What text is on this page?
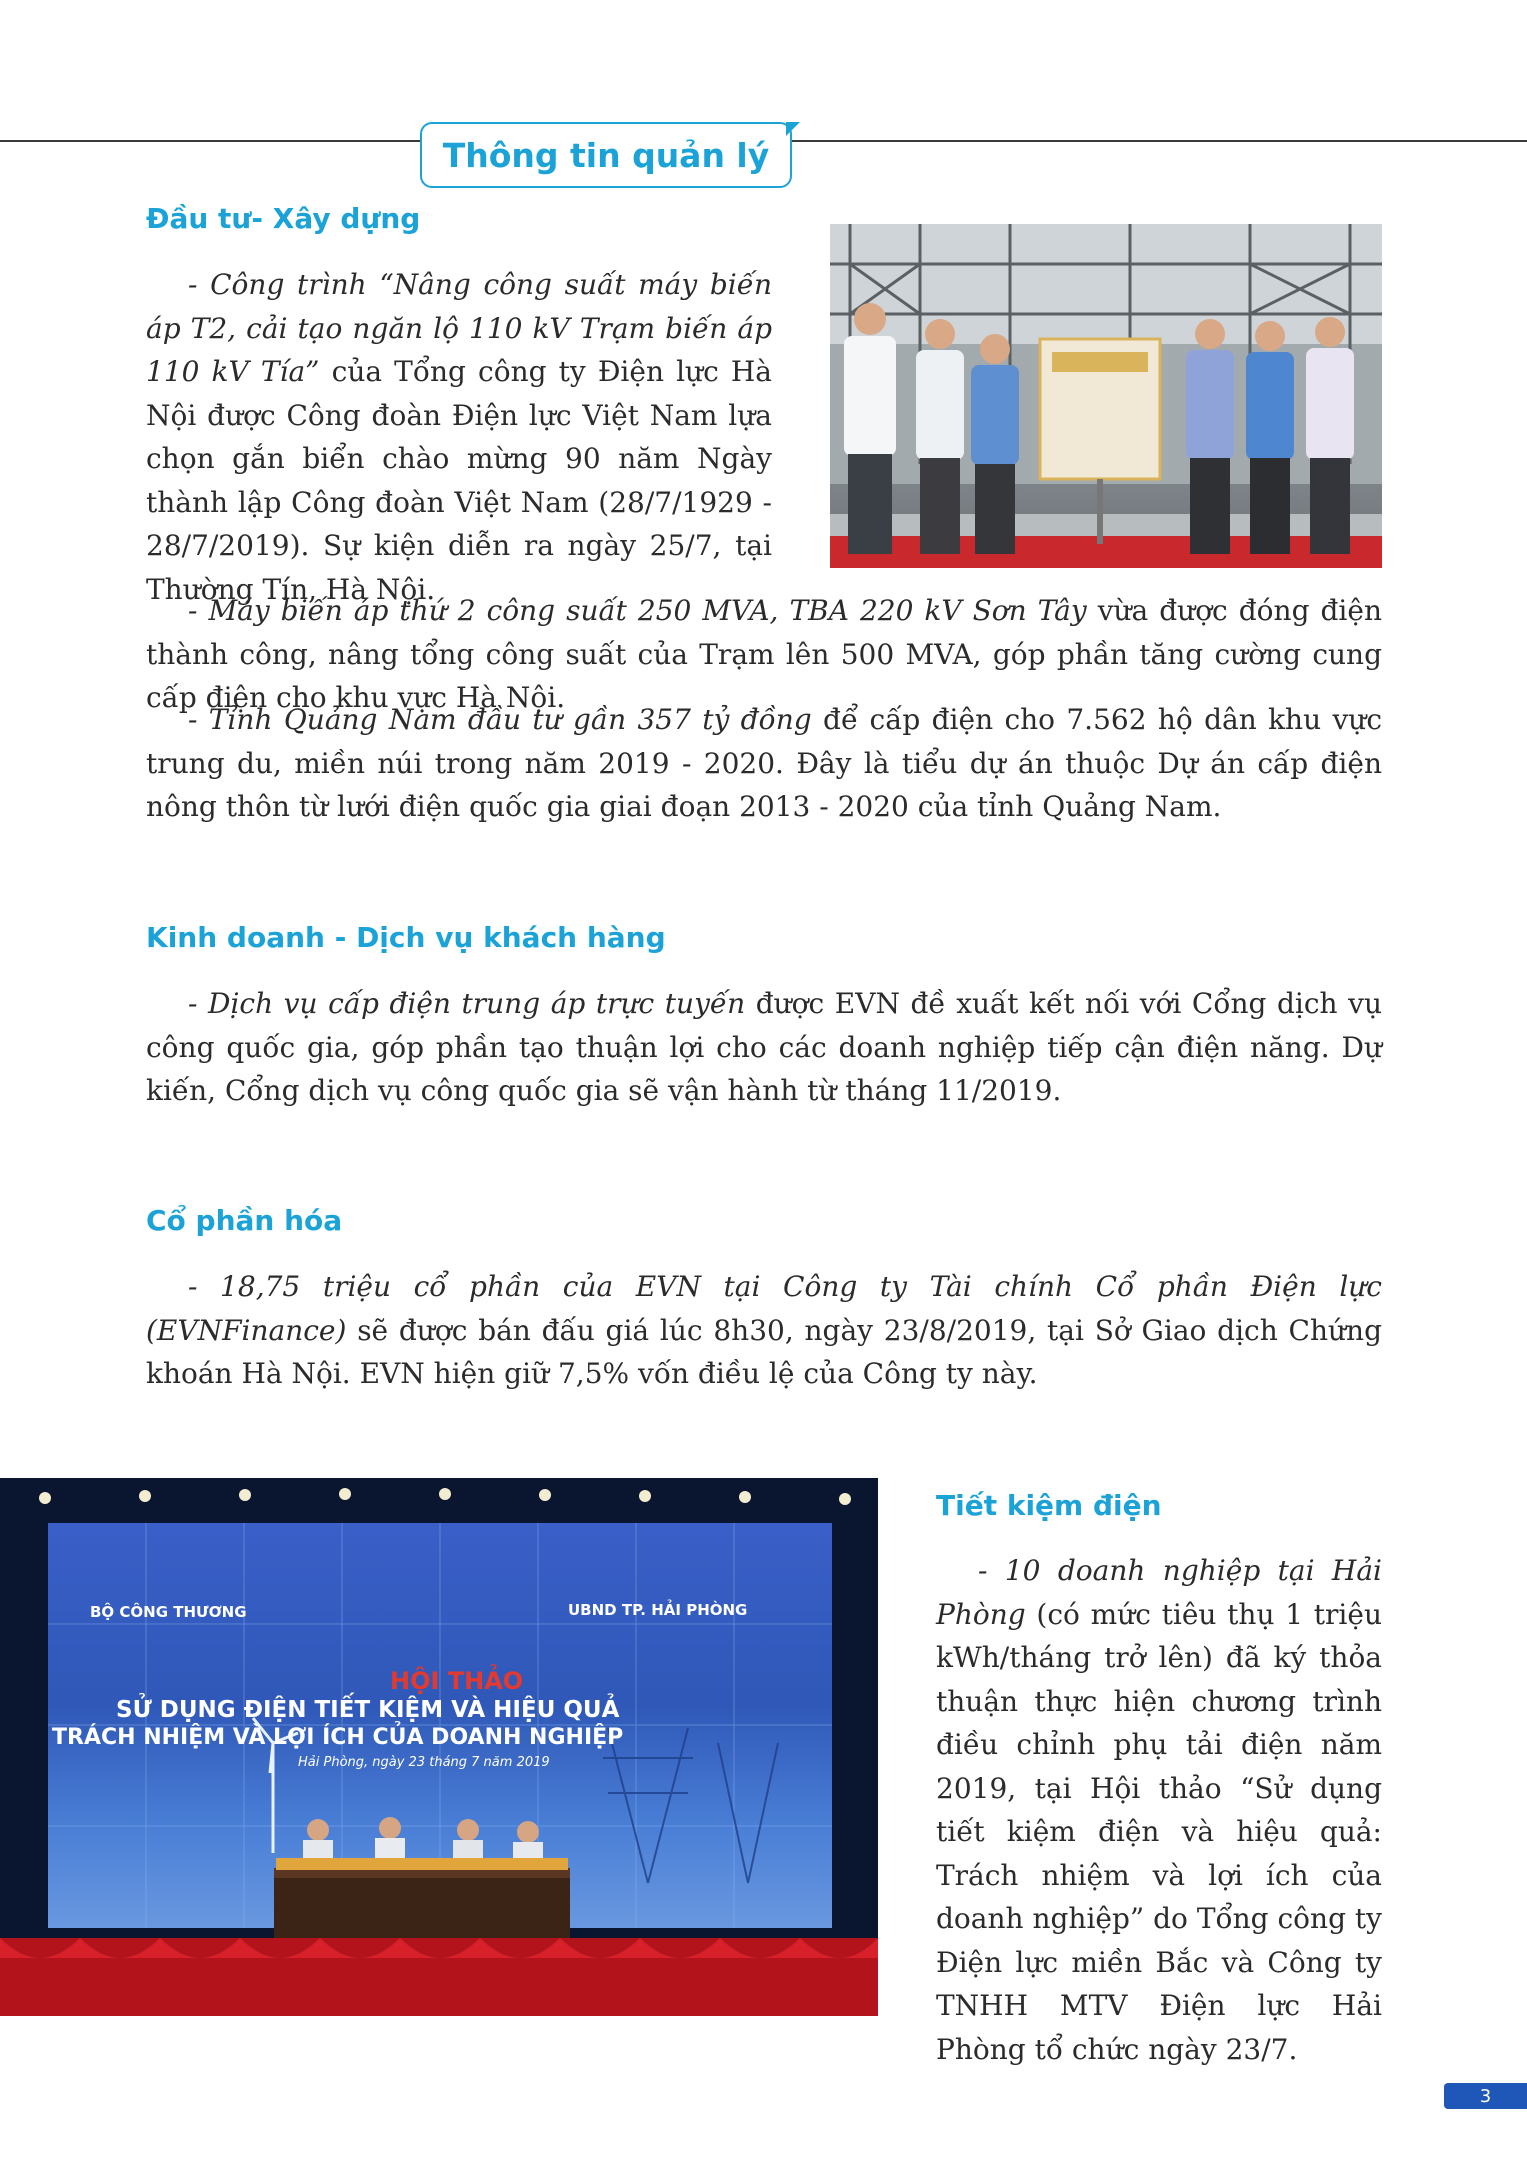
Thông tin quản lý
Đầu tư- Xây dựng

- Công trình “Nâng công suất máy biến áp T2, cải tạo ngăn lộ 110 kV Trạm biến áp 110 kV Tía” của Tổng công ty Điện lực Hà Nội được Công đoàn Điện lực Việt Nam lựa chọn gắn biển chào mừng 90 năm Ngày thành lập Công đoàn Việt Nam (28/7/1929 - 28/7/2019). Sự kiện diễn ra ngày 25/7, tại Thường Tín, Hà Nội.

- Máy biến áp thứ 2 công suất 250 MVA, TBA 220 kV Sơn Tây vừa được đóng điện thành công, nâng tổng công suất của Trạm lên 500 MVA, góp phần tăng cường cung cấp điện cho khu vực Hà Nội.

- Tỉnh Quảng Nam đầu tư gần 357 tỷ đồng để cấp điện cho 7.562 hộ dân khu vực trung du, miền núi trong năm 2019 - 2020. Đây là tiểu dự án thuộc Dự án cấp điện nông thôn từ lưới điện quốc gia giai đoạn 2013 - 2020 của tỉnh Quảng Nam.

Kinh doanh - Dịch vụ khách hàng

- Dịch vụ cấp điện trung áp trực tuyến được EVN đề xuất kết nối với Cổng dịch vụ công quốc gia, góp phần tạo thuận lợi cho các doanh nghiệp tiếp cận điện năng. Dự kiến, Cổng dịch vụ công quốc gia sẽ vận hành từ tháng 11/2019.

Cổ phần hóa

- 18,75 triệu cổ phần của EVN tại Công ty Tài chính Cổ phần Điện lực (EVNFinance) sẽ được bán đấu giá lúc 8h30, ngày 23/8/2019, tại Sở Giao dịch Chứng khoán Hà Nội. EVN hiện giữ 7,5% vốn điều lệ của Công ty này.

BỘ CÔNG THƯƠNG	UBND TP. HẢI PHÒNG
HỘI THẢO
SỬ DỤNG ĐIỆN TIẾT KIỆM VÀ HIỆU QUẢ
TRÁCH NHIỆM VÀ LỢI ÍCH CỦA DOANH NGHIỆP
Hải Phòng, ngày 23 tháng 7 năm 2019
Tiết kiệm điện

- 10 doanh nghiệp tại Hải Phòng (có mức tiêu thụ 1 triệu kWh/tháng trở lên) đã ký thỏa thuận thực hiện chương trình điều chỉnh phụ tải điện năm 2019, tại Hội thảo “Sử dụng tiết kiệm điện và hiệu quả: Trách nhiệm và lợi ích của doanh nghiệp” do Tổng công ty Điện lực miền Bắc và Công ty TNHH MTV Điện lực Hải Phòng tổ chức ngày 23/7.

3
